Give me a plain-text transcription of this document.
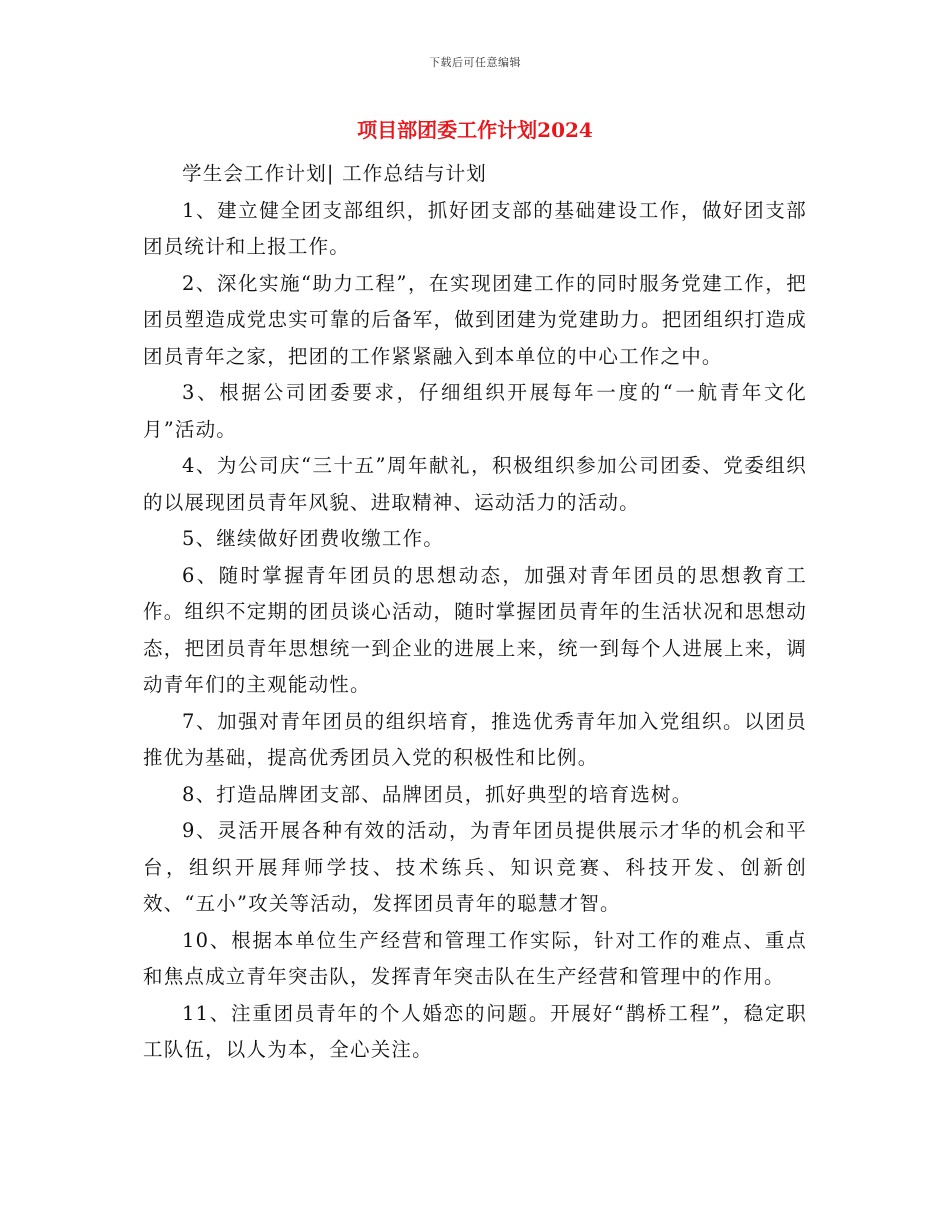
下载后可任意编辑
项目部团委工作计划2024

学生会工作计划| 工作总结与计划

1、建立健全团支部组织，抓好团支部的基础建设工作，做好团支部团员统计和上报工作。

2、深化实施“助力工程”，在实现团建工作的同时服务党建工作，把团员塑造成党忠实可靠的后备军，做到团建为党建助力。把团组织打造成团员青年之家，把团的工作紧紧融入到本单位的中心工作之中。

3、根据公司团委要求，仔细组织开展每年一度的“一航青年文化月”活动。

4、为公司庆“三十五”周年献礼，积极组织参加公司团委、党委组织的以展现团员青年风貌、进取精神、运动活力的活动。

5、继续做好团费收缴工作。

6、随时掌握青年团员的思想动态，加强对青年团员的思想教育工作。组织不定期的团员谈心活动，随时掌握团员青年的生活状况和思想动态，把团员青年思想统一到企业的进展上来，统一到每个人进展上来，调动青年们的主观能动性。

7、加强对青年团员的组织培育，推选优秀青年加入党组织。以团员推优为基础，提高优秀团员入党的积极性和比例。

8、打造品牌团支部、品牌团员，抓好典型的培育选树。

9、灵活开展各种有效的活动，为青年团员提供展示才华的机会和平台，组织开展拜师学技、技术练兵、知识竞赛、科技开发、创新创效、“五小”攻关等活动，发挥团员青年的聪慧才智。

10、根据本单位生产经营和管理工作实际，针对工作的难点、重点和焦点成立青年突击队，发挥青年突击队在生产经营和管理中的作用。

11、注重团员青年的个人婚恋的问题。开展好“鹊桥工程”，稳定职工队伍，以人为本，全心关注。
